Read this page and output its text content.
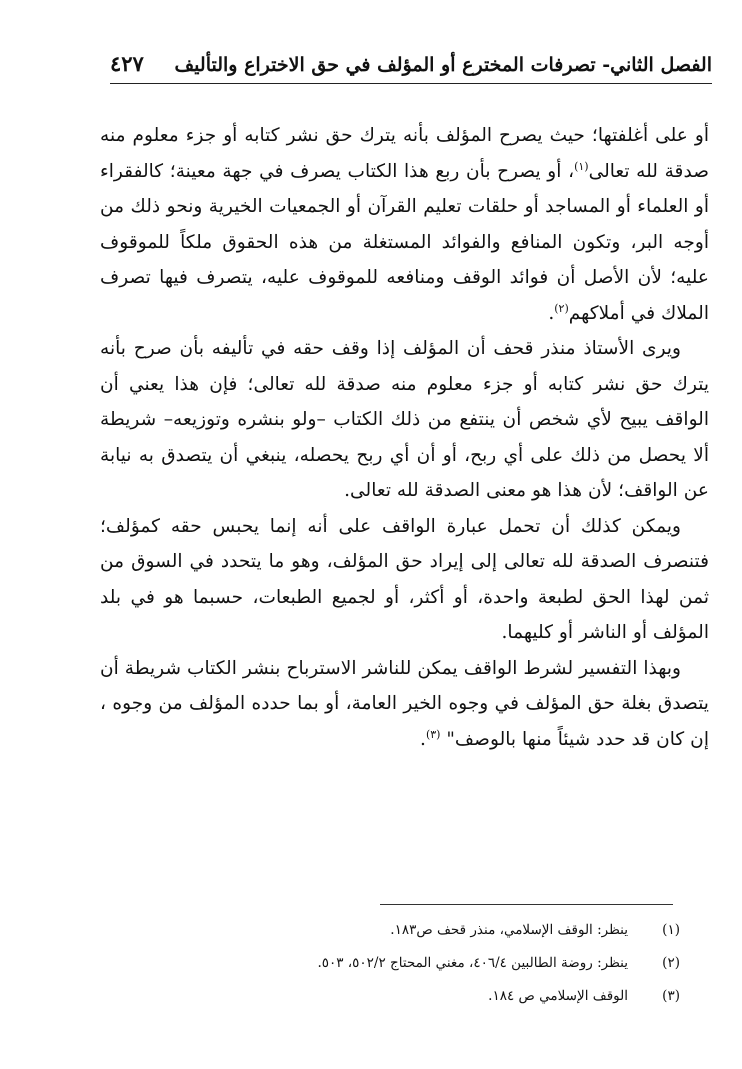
الفصل الثاني- تصرفات المخترع أو المؤلف في حق الاختراع والتأليف
٤٢٧

أو على أغلفتها؛ حيث يصرح المؤلف بأنه يترك حق نشر كتابه أو جزء معلوم منه صدقة لله تعالى$^{(١)}$، أو يصرح بأن ربع هذا الكتاب يصرف في جهة معينة؛ كالفقراء أو العلماء أو المساجد أو حلقات تعليم القرآن أو الجمعيات الخيرية ونحو ذلك من أوجه البر، وتكون المنافع والفوائد المستغلة من هذه الحقوق ملكاً للموقوف عليه؛ لأن الأصل أن فوائد الوقف ومنافعه للموقوف عليه، يتصرف فيها تصرف الملاك في أملاكهم$^{(٢)}$.

ويرى الأستاذ منذر قحف أن المؤلف إذا وقف حقه في تأليفه بأن صرح بأنه يترك حق نشر كتابه أو جزء معلوم منه صدقة لله تعالى؛ فإن هذا يعني أن الواقف يبيح لأي شخص أن ينتفع من ذلك الكتاب –ولو بنشره وتوزيعه– شريطة ألا يحصل من ذلك على أي ربح، أو أن أي ربح يحصله، ينبغي أن يتصدق به نيابة عن الواقف؛ لأن هذا هو معنى الصدقة لله تعالى.

ويمكن كذلك أن تحمل عبارة الواقف على أنه إنما يحبس حقه كمؤلف؛ فتنصرف الصدقة لله تعالى إلى إيراد حق المؤلف، وهو ما يتحدد في السوق من ثمن لهذا الحق لطبعة واحدة، أو أكثر، أو لجميع الطبعات، حسبما هو في بلد المؤلف أو الناشر أو كليهما.

وبهذا التفسير لشرط الواقف يمكن للناشر الاسترباح بنشر الكتاب شريطة أن يتصدق بغلة حق المؤلف في وجوه الخير العامة، أو بما حدده المؤلف من وجوه ، إن كان قد حدد شيئاً منها بالوصف" $^{(٣)}$.

(١)
ينظر: الوقف الإسلامي، منذر قحف ص١٨٣.
(٢)
ينظر: روضة الطالبين ٤٠٦/٤، مغني المحتاج ٥٠٢/٢، ٥٠٣.
(٣)
الوقف الإسلامي ص ١٨٤.
